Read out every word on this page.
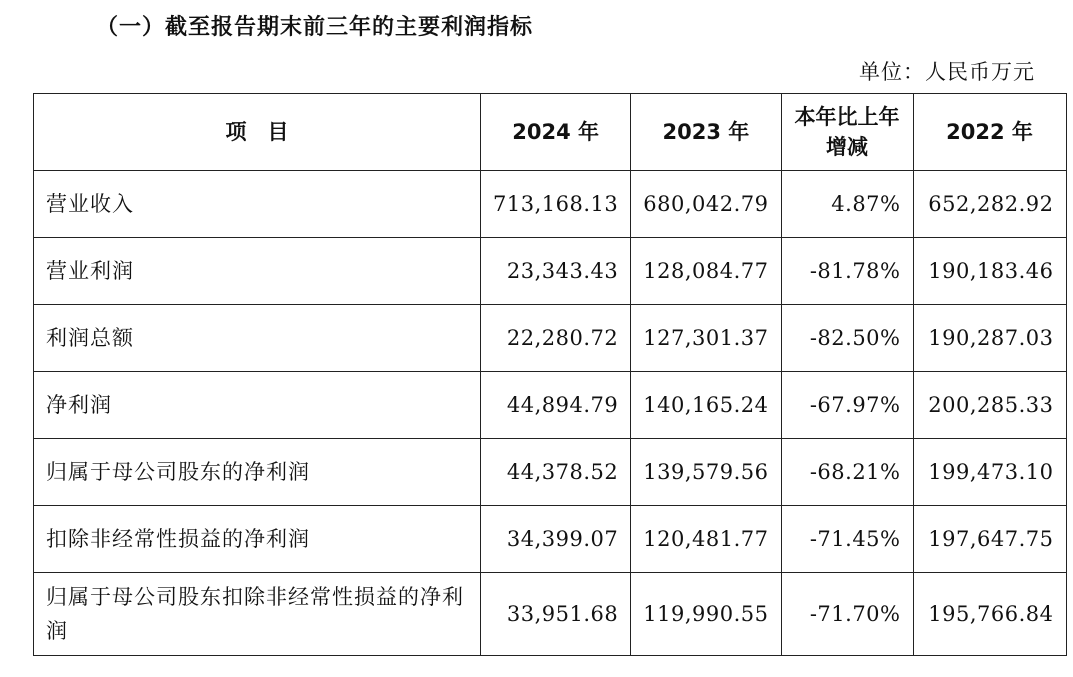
（一）截至报告期末前三年的主要利润指标
单位：人民币万元
项　目	2024 年	2023 年	本年比上年增减	2022 年
营业收入	713,168.13	680,042.79	4.87%	652,282.92
营业利润	23,343.43	128,084.77	-81.78%	190,183.46
利润总额	22,280.72	127,301.37	-82.50%	190,287.03
净利润	44,894.79	140,165.24	-67.97%	200,285.33
归属于母公司股东的净利润	44,378.52	139,579.56	-68.21%	199,473.10
扣除非经常性损益的净利润	34,399.07	120,481.77	-71.45%	197,647.75
归属于母公司股东扣除非经常性损益的净利润	33,951.68	119,990.55	-71.70%	195,766.84
